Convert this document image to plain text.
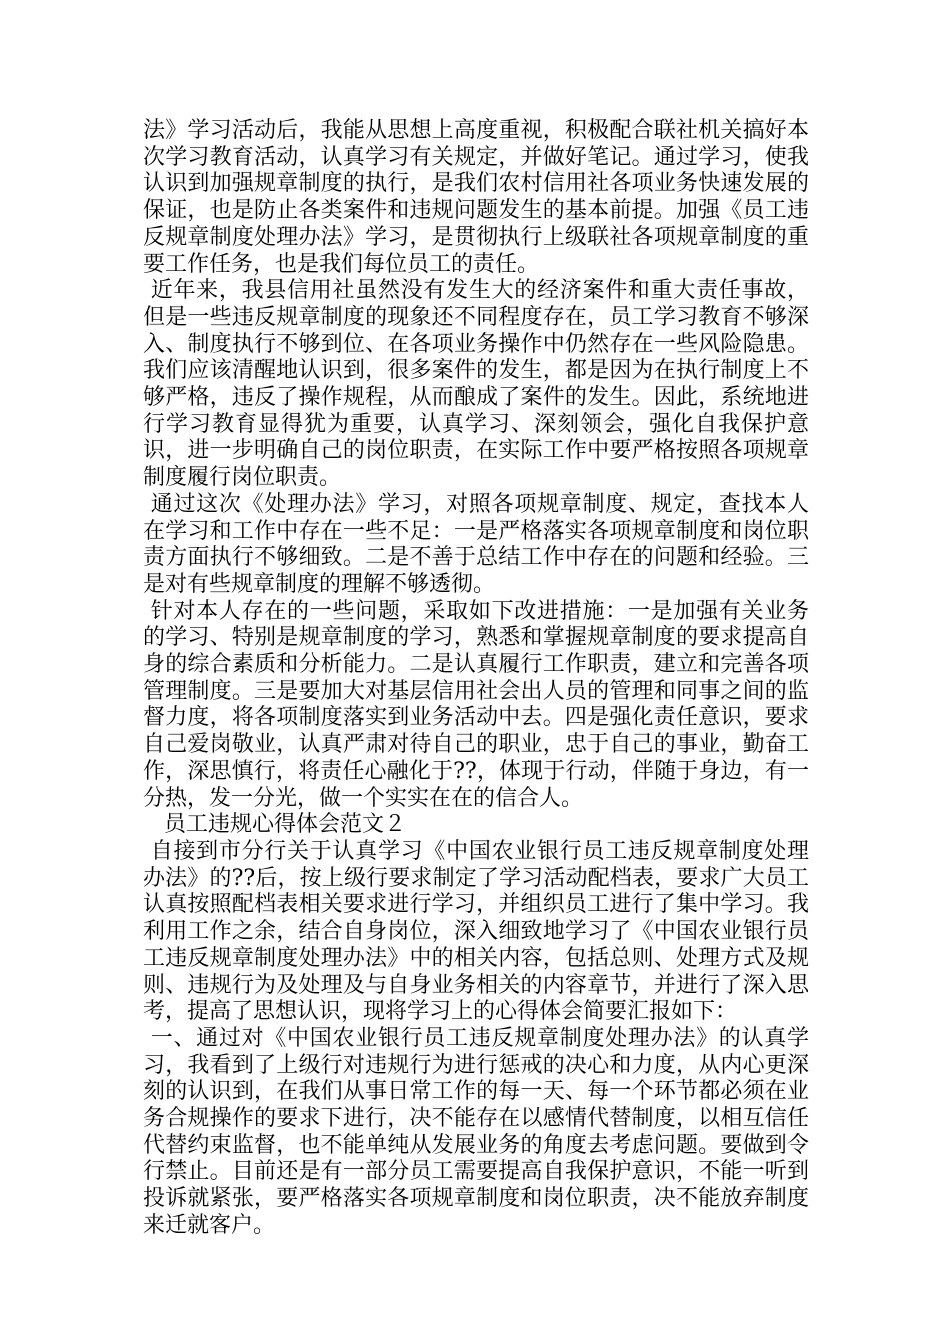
法》学习活动后，我能从思想上高度重视，积极配合联社机关搞好本次学习教育活动，认真学习有关规定，并做好笔记。通过学习，使我认识到加强规章制度的执行，是我们农村信用社各项业务快速发展的保证，也是防止各类案件和违规问题发生的基本前提。加强《员工违反规章制度处理办法》学习，是贯彻执行上级联社各项规章制度的重要工作任务，也是我们每位员工的责任。

近年来，我县信用社虽然没有发生大的经济案件和重大责任事故，但是一些违反规章制度的现象还不同程度存在，员工学习教育不够深入、制度执行不够到位、在各项业务操作中仍然存在一些风险隐患。我们应该清醒地认识到，很多案件的发生，都是因为在执行制度上不够严格，违反了操作规程，从而酿成了案件的发生。因此，系统地进行学习教育显得犹为重要，认真学习、深刻领会，强化自我保护意识，进一步明确自己的岗位职责，在实际工作中要严格按照各项规章制度履行岗位职责。

通过这次《处理办法》学习，对照各项规章制度、规定，查找本人在学习和工作中存在一些不足：一是严格落实各项规章制度和岗位职责方面执行不够细致。二是不善于总结工作中存在的问题和经验。三是对有些规章制度的理解不够透彻。

针对本人存在的一些问题，采取如下改进措施：一是加强有关业务的学习、特别是规章制度的学习，熟悉和掌握规章制度的要求提高自身的综合素质和分析能力。二是认真履行工作职责，建立和完善各项管理制度。三是要加大对基层信用社会出人员的管理和同事之间的监督力度，将各项制度落实到业务活动中去。四是强化责任意识，要求自己爱岗敬业，认真严肃对待自己的职业，忠于自己的事业，勤奋工作，深思慎行，将责任心融化于??，体现于行动，伴随于身边，有一分热，发一分光，做一个实实在在的信合人。

员工违规心得体会范文２

自接到市分行关于认真学习《中国农业银行员工违反规章制度处理办法》的??后，按上级行要求制定了学习活动配档表，要求广大员工认真按照配档表相关要求进行学习，并组织员工进行了集中学习。我利用工作之余，结合自身岗位，深入细致地学习了《中国农业银行员工违反规章制度处理办法》中的相关内容，包括总则、处理方式及规则、违规行为及处理及与自身业务相关的内容章节，并进行了深入思考，提高了思想认识，现将学习上的心得体会简要汇报如下：

一、通过对《中国农业银行员工违反规章制度处理办法》的认真学习，我看到了上级行对违规行为进行惩戒的决心和力度，从内心更深刻的认识到，在我们从事日常工作的每一天、每一个环节都必须在业务合规操作的要求下进行，决不能存在以感情代替制度，以相互信任代替约束监督，也不能单纯从发展业务的角度去考虑问题。要做到令行禁止。目前还是有一部分员工需要提高自我保护意识，不能一听到投诉就紧张，要严格落实各项规章制度和岗位职责，决不能放弃制度来迁就客户。
